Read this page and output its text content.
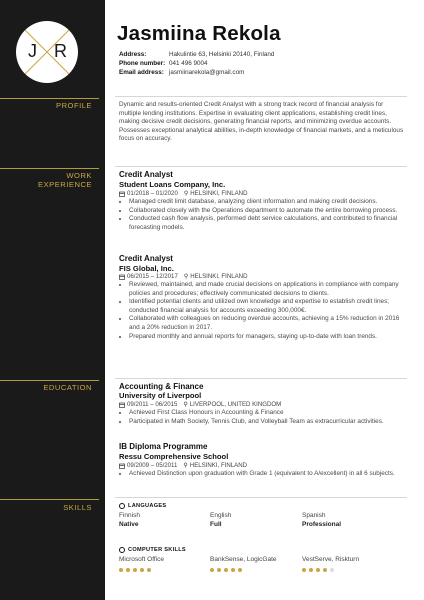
J R
PROFILE
WORK
EXPERIENCE
EDUCATION
SKILLS
Jasmiina Rekola
Address:	Hakulintie 63, Helsinki 20140, Finland
Phone number: 041 496 9004
Email address: jasmiinarekola@gmail.com
Dynamic and results-oriented Credit Analyst with a strong track record of financial analysis for multiple lending institutions. Expertise in evaluating client applications, establishing credit lines, making decisive credit decisions, generating financial reports, and minimizing overdue accounts. Possesses exceptional analytical abilities, in-depth knowledge of financial markets, and a meticulous focus on accuracy.
Credit Analyst
Student Loans Company, Inc.
01/2018 – 01/2020 ⚲ HELSINKI, FINLAND
• Managed credit limit database, analyzing client information and making credit decisions.
• Collaborated closely with the Operations department to automate the entire borrowing process.
• Conducted cash flow analysis, performed debt service calculations, and contributed to financial forecasting models.
Credit Analyst
FIS Global, Inc.
06/2015 – 12/2017 ⚲ HELSINKI, FINLAND
• Reviewed, maintained, and made crucial decisions on applications in compliance with company policies and procedures; effectively communicated decisions to clients.
• Identified potential clients and utilized own knowledge and expertise to establish credit lines; conducted financial analysis for accounts exceeding 300,000€.
• Collaborated with colleagues on reducing overdue accounts, achieving a 15% reduction in 2016 and a 20% reduction in 2017.
• Prepared monthly and annual reports for managers, staying up-to-date with loan trends.
Accounting & Finance
University of Liverpool
09/2011 – 06/2015 ⚲ LIVERPOOL, UNITED KINGDOM
• Achieved First Class Honours in Accounting & Finance
• Participated in Math Society, Tennis Club, and Volleyball Team as extracurricular activities.
IB Diploma Programme
Ressu Comprehensive School
09/2009 – 05/2011 ⚲ HELSINKI, FINLAND
• Achieved Distinction upon graduation with Grade 1 (equivalent to A/excellent) in all 6 subjects.
LANGUAGES
Finnish
Native
English
Full
Spanish
Professional
COMPUTER SKILLS
Microsoft Office	BankSense, LogicGate	VestServe, Riskturn
